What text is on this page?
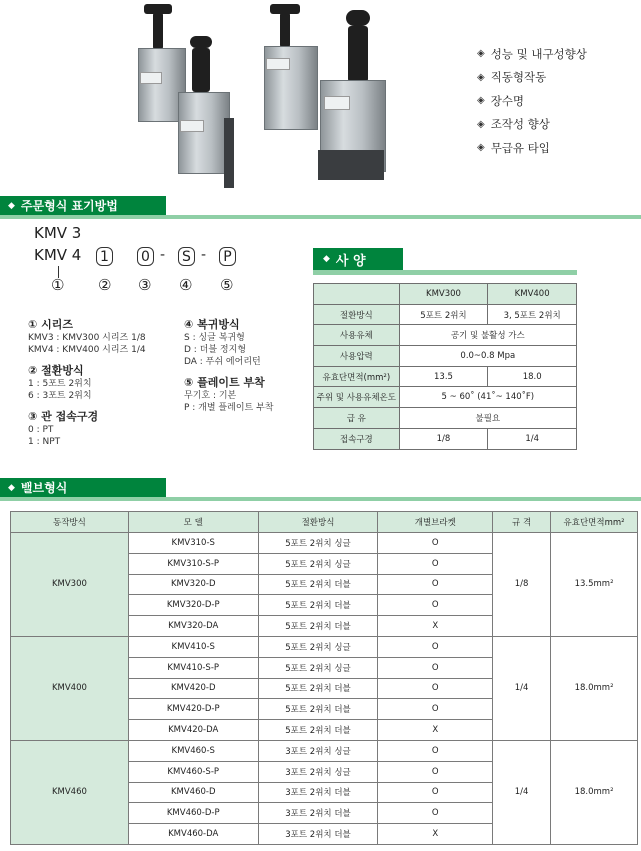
◈ 성능 및 내구성향상
◈ 직동형작동
◈ 장수명
◈ 조작성 향상
◈ 무급유 타입
◆ 주문형식 표기방법
KMV 3
KMV 4 1 0 - S -	P
① ② ③ ④ ⑤
① 시리즈
KMV3 : KMV300 시리즈 1/8
KMV4 : KMV400 시리즈 1/4
② 절환방식
1 : 5포트 2위치
6 : 3포트 2위치
③ 관 접속구경
0 : PT
1 : NPT
④ 복귀방식
S : 싱글 복귀형
D : 더블 정지형
DA : 푸쉬 에어리턴
⑤ 플레이트 부착
무기호 : 기본
P : 개별 플레이트 부착
◆ 사 양
	KMV300	KMV400
절환방식	5포트 2위치	3, 5포트 2위치
사용유체	공기 및 불활성 가스	
사용압력	0.0~0.8 Mpa	
유효단면적(mm²)	13.5	18.0
주위 및 사용유체온도	5 ~ 60˚ (41˚~ 140˚F)	
급 유	불필요	
접속구경	1/8	1/4
◆ 밸브형식
동작방식	모 델	절환방식	개별브라켓	규 격	유효단면적mm²
KMV300	KMV310-S	5포트 2위치 싱글	O	1/8	13.5mm²
	KMV310-S-P	5포트 2위치 싱글	O		
	KMV320-D	5포트 2위치 더블	O		
	KMV320-D-P	5포트 2위치 더블	O		
	KMV320-DA	5포트 2위치 더블	X		
KMV400	KMV410-S	5포트 2위치 싱글	O	1/4	18.0mm²
	KMV410-S-P	5포트 2위치 싱글	O		
	KMV420-D	5포트 2위치 더블	O		
	KMV420-D-P	5포트 2위치 더블	O		
	KMV420-DA	5포트 2위치 더블	X		
KMV460	KMV460-S	3포트 2위치 싱글	O	1/4	18.0mm²
	KMV460-S-P	3포트 2위치 싱글	O		
	KMV460-D	3포트 2위치 더블	O		
	KMV460-D-P	3포트 2위치 더블	O		
	KMV460-DA	3포트 2위치 더블	X		
